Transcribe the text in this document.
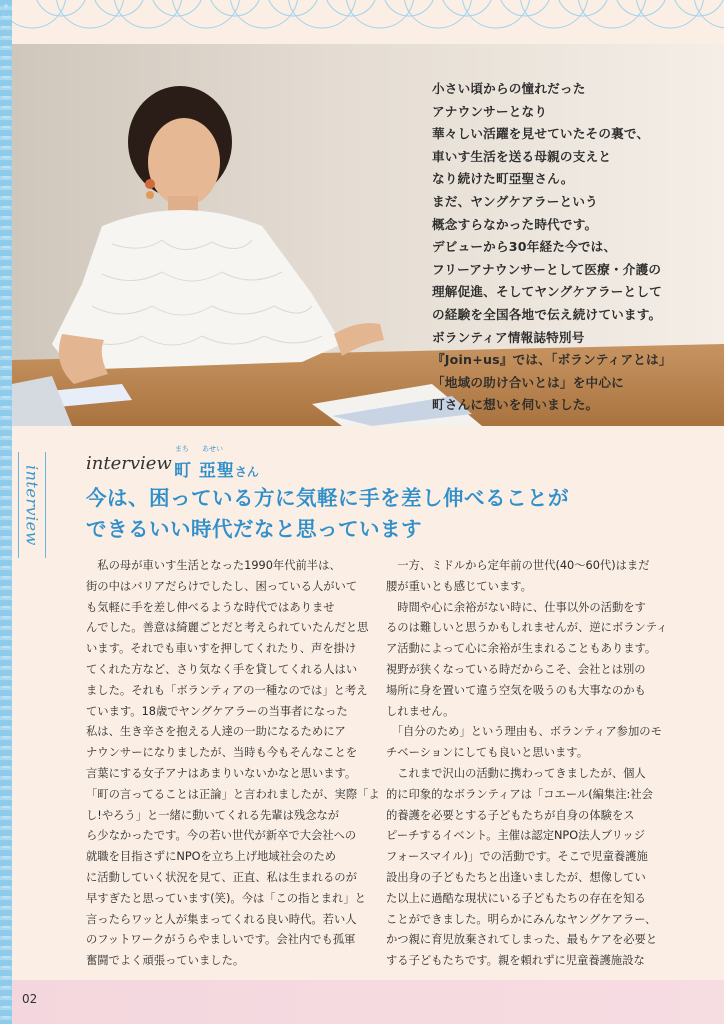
小さい頃からの憧れだった
アナウンサーとなり
華々しい活躍を見せていたその裏で、
車いす生活を送る母親の支えと
なり続けた町亞聖さん。
まだ、ヤングケアラーという
概念すらなかった時代です。
デビューから30年経た今では、
フリーアナウンサーとして医療・介護の
理解促進、そしてヤングケアラーとして
の経験を全国各地で伝え続けています。
ボランティア情報誌特別号
『Join+us』では、「ボランティアとは」
「地域の助け合いとは」を中心に
町さんに想いを伺いました。
interview
interview
まち あせい
町 亞聖さん
今は、困っている方に気軽に手を差し伸べることが
できるいい時代だなと思っています
　私の母が車いす生活となった1990年代前半は、
街の中はバリアだらけでしたし、困っている人がいて
も気軽に手を差し伸べるような時代ではありませ
んでした。善意は綺麗ごとだと考えられていたんだと思
います。それでも車いすを押してくれたり、声を掛け
てくれた方など、さり気なく手を貸してくれる人はい
ました。それも「ボランティアの一種なのでは」と考え
ています。18歳でヤングケアラーの当事者になった
私は、生き辛さを抱える人達の一助になるためにア
ナウンサーになりましたが、当時も今もそんなことを
言葉にする女子アナはあまりいないかなと思います。
「町の言ってることは正論」と言われましたが、実際「よ
し!やろう」と一緒に動いてくれる先輩は残念なが
ら少なかったです。今の若い世代が新卒で大会社への
就職を目指さずにNPOを立ち上げ地域社会のため
に活動していく状況を見て、正直、私は生まれるのが
早すぎたと思っています(笑)。今は「この指とまれ」と
言ったらワッと人が集まってくれる良い時代。若い人
のフットワークがうらやましいです。会社内でも孤軍
奮闘でよく頑張っていました。
　一方、ミドルから定年前の世代(40～60代)はまだ
腰が重いとも感じています。
　時間や心に余裕がない時に、仕事以外の活動をす
るのは難しいと思うかもしれませんが、逆にボランティ
ア活動によって心に余裕が生まれることもあります。
視野が狭くなっている時だからこそ、会社とは別の
場所に身を置いて違う空気を吸うのも大事なのかも
しれません。
　「自分のため」という理由も、ボランティア参加のモ
チベーションにしても良いと思います。
　これまで沢山の活動に携わってきましたが、個人
的に印象的なボランティアは「コエール(編集注:社会
的養護を必要とする子どもたちが自身の体験をス
ピーチするイベント。主催は認定NPO法人ブリッジ
フォースマイル)」での活動です。そこで児童養護施
設出身の子どもたちと出逢いましたが、想像してい
た以上に過酷な現状にいる子どもたちの存在を知る
ことができました。明らかにみんなヤングケアラー、
かつ親に育児放棄されてしまった、最もケアを必要と
する子どもたちです。親を頼れずに児童養護施設な
02
